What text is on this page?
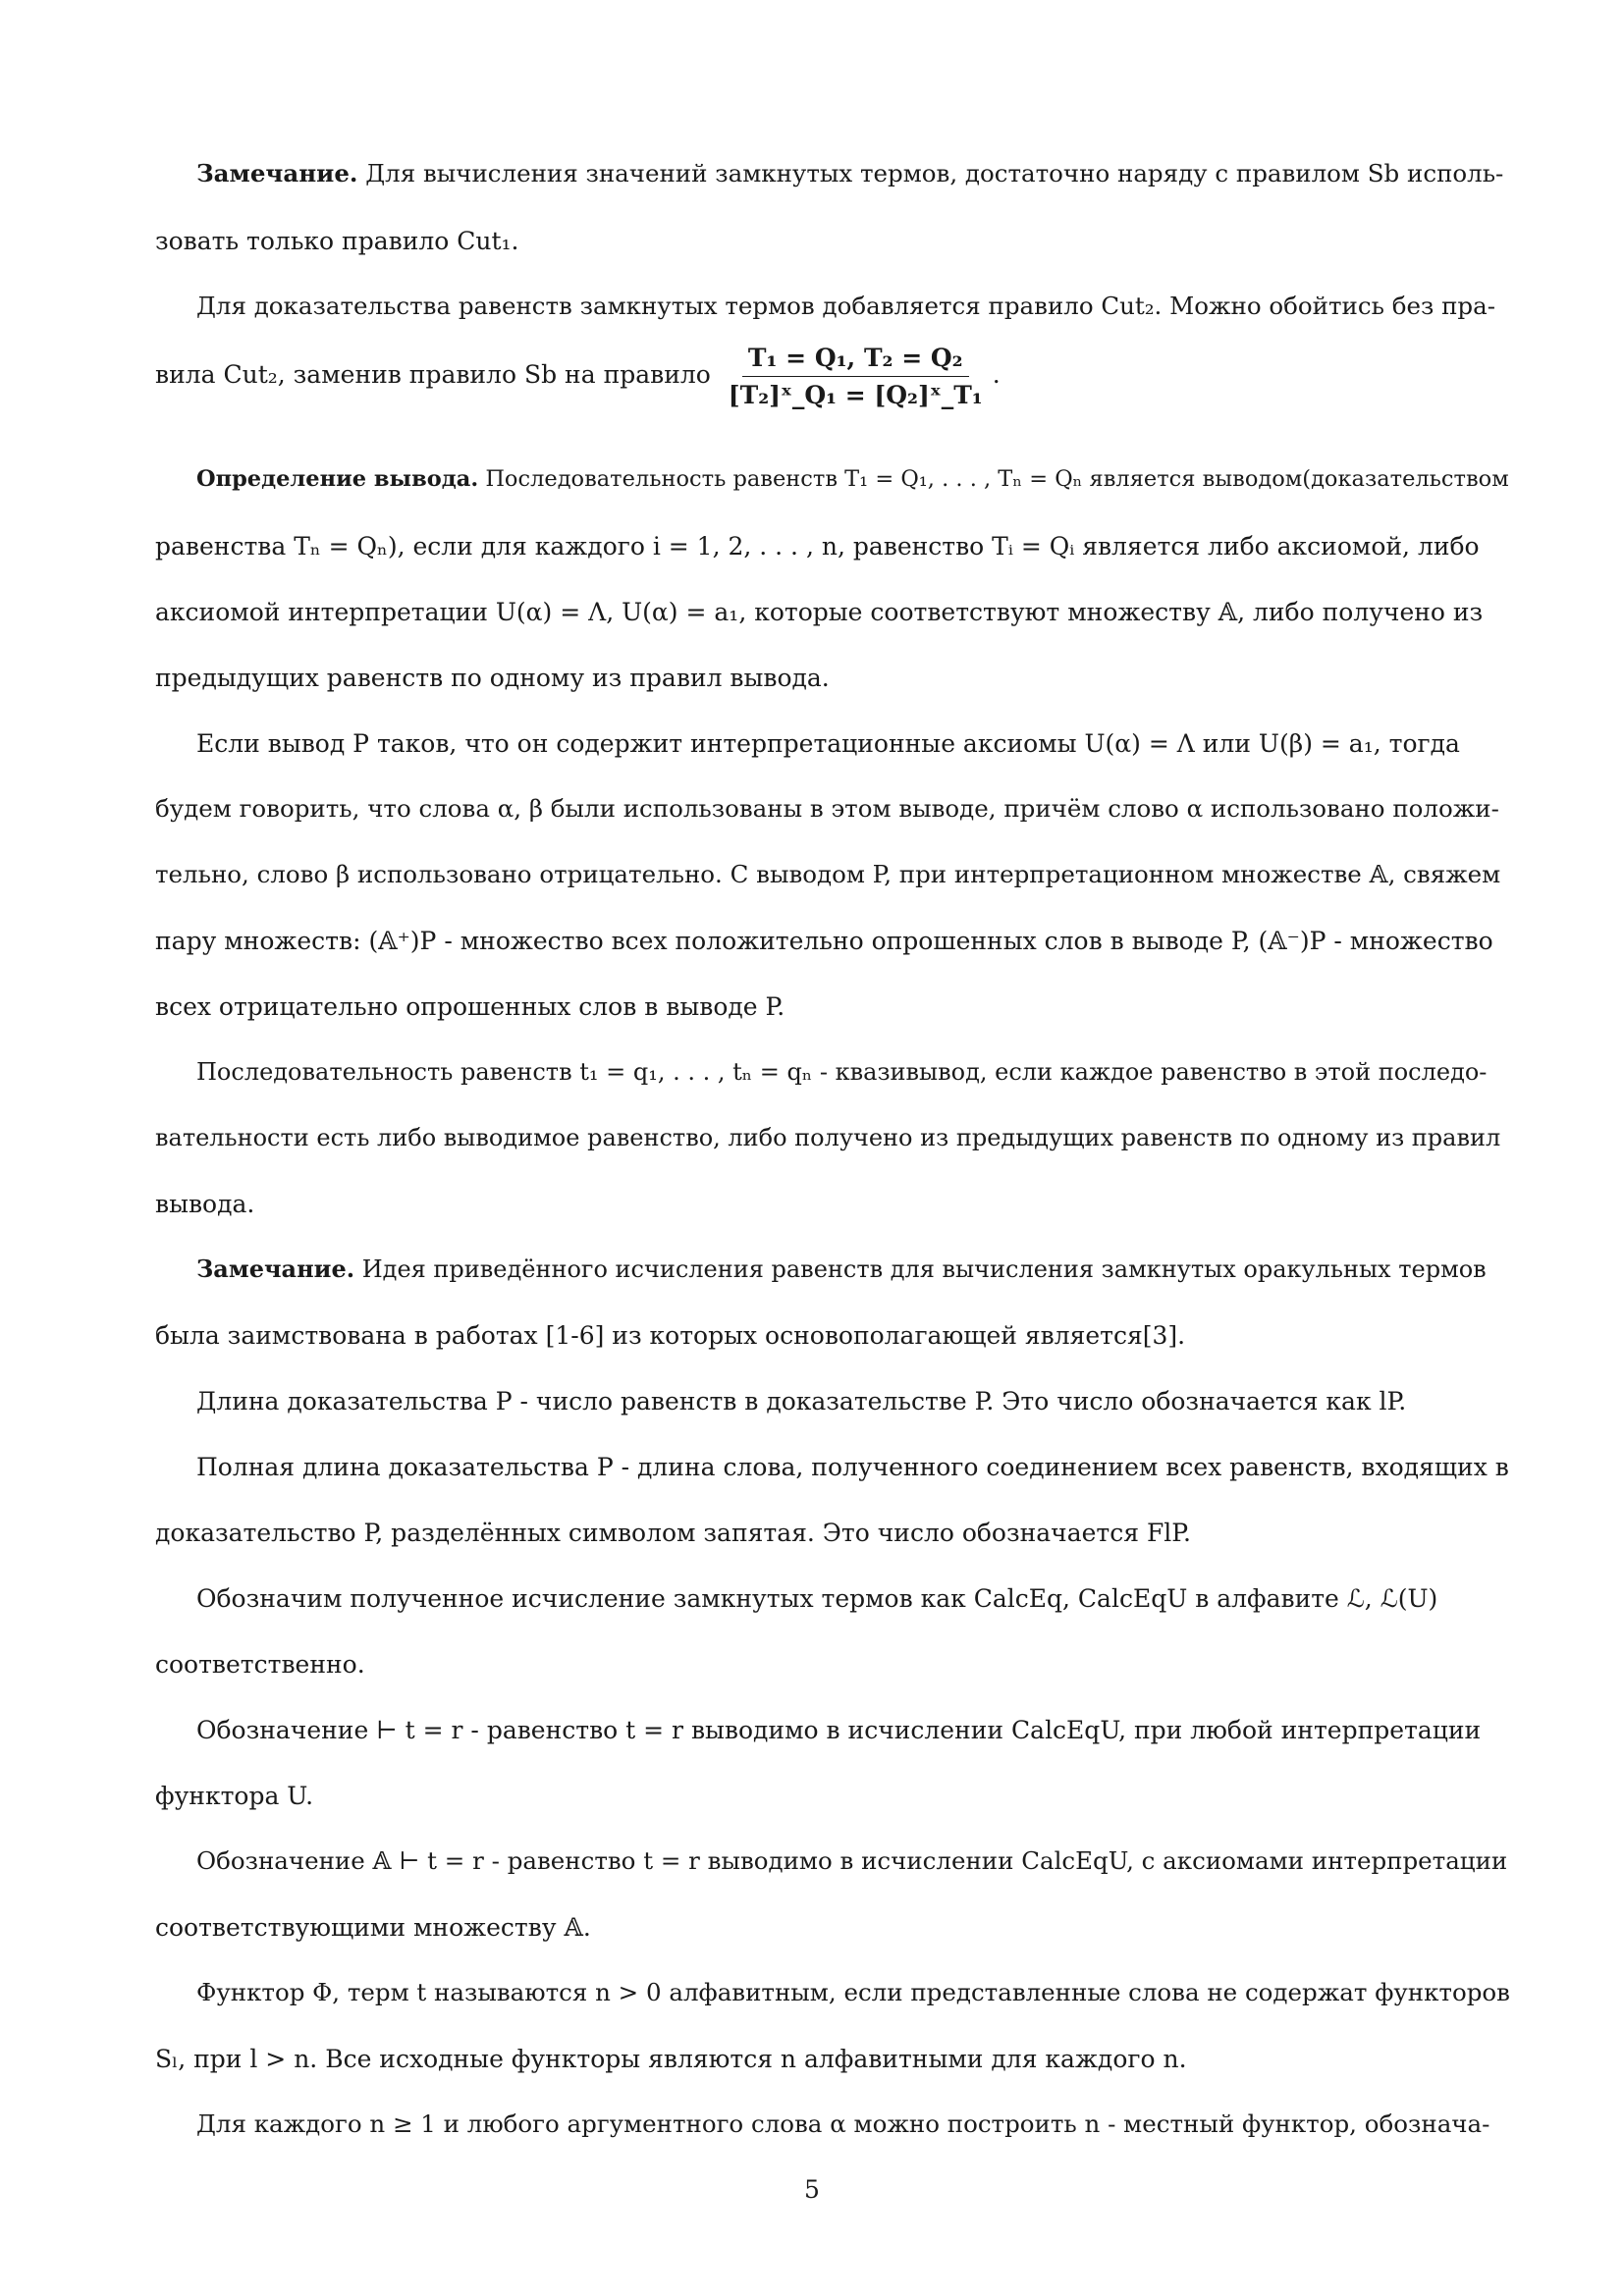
Замечание. Для вычисления значений замкнутых термов, достаточно наряду с правилом Sb исполь-
зовать только правило Cut₁.
Для доказательства равенств замкнутых термов добавляется правило Cut₂. Можно обойтись без пра-
вила Cut₂, заменив правило Sb на правило $\frac{\text{T₁ = Q₁, T₂ = Q₂}}{\text{[T₂]ˣ\_Q₁ = [Q₂]ˣ\_T₁}}$ .
Определение вывода. Последовательность равенств T₁ = Q₁, . . . , Tₙ = Qₙ является выводом(доказательством
равенства Tₙ = Qₙ), если для каждого i = 1, 2, . . . , n, равенство Tᵢ = Qᵢ является либо аксиомой, либо
аксиомой интерпретации U(α) = Λ, U(α) = a₁, которые соответствуют множеству 𝔸, либо получено из
предыдущих равенств по одному из правил вывода.
Если вывод P таков, что он содержит интерпретационные аксиомы U(α) = Λ или U(β) = a₁, тогда
будем говорить, что слова α, β были использованы в этом выводе, причём слово α использовано положи-
тельно, слово β использовано отрицательно. С выводом P, при интерпретационном множестве 𝔸, свяжем
пару множеств: (𝔸⁺)P - множество всех положительно опрошенных слов в выводе P, (𝔸⁻)P - множество
всех отрицательно опрошенных слов в выводе P.
Последовательность равенств t₁ = q₁, . . . , tₙ = qₙ - квазивывод, если каждое равенство в этой последо-
вательности есть либо выводимое равенство, либо получено из предыдущих равенств по одному из правил
вывода.
Замечание. Идея приведённого исчисления равенств для вычисления замкнутых оракульных термов
была заимствована в работах [1-6] из которых основополагающей является[3].
Длина доказательства P - число равенств в доказательстве P. Это число обозначается как lP.
Полная длина доказательства P - длина слова, полученного соединением всех равенств, входящих в
доказательство P, разделённых символом запятая. Это число обозначается FlP.
Обозначим полученное исчисление замкнутых термов как CalcEq, CalcEqU в алфавите ℒ, ℒ(U)
соответственно.
Обозначение ⊢ t = r - равенство t = r выводимо в исчислении CalcEqU, при любой интерпретации
функтора U.
Обозначение 𝔸 ⊢ t = r - равенство t = r выводимо в исчислении CalcEqU, с аксиомами интерпретации
соответствующими множеству 𝔸.
Функтор Φ, терм t называются n > 0 алфавитным, если представленные слова не содержат функторов
Sₗ, при l > n. Все исходные функторы являются n алфавитными для каждого n.
Для каждого n ≥ 1 и любого аргументного слова α можно построить n - местный функтор, обознача-
5
